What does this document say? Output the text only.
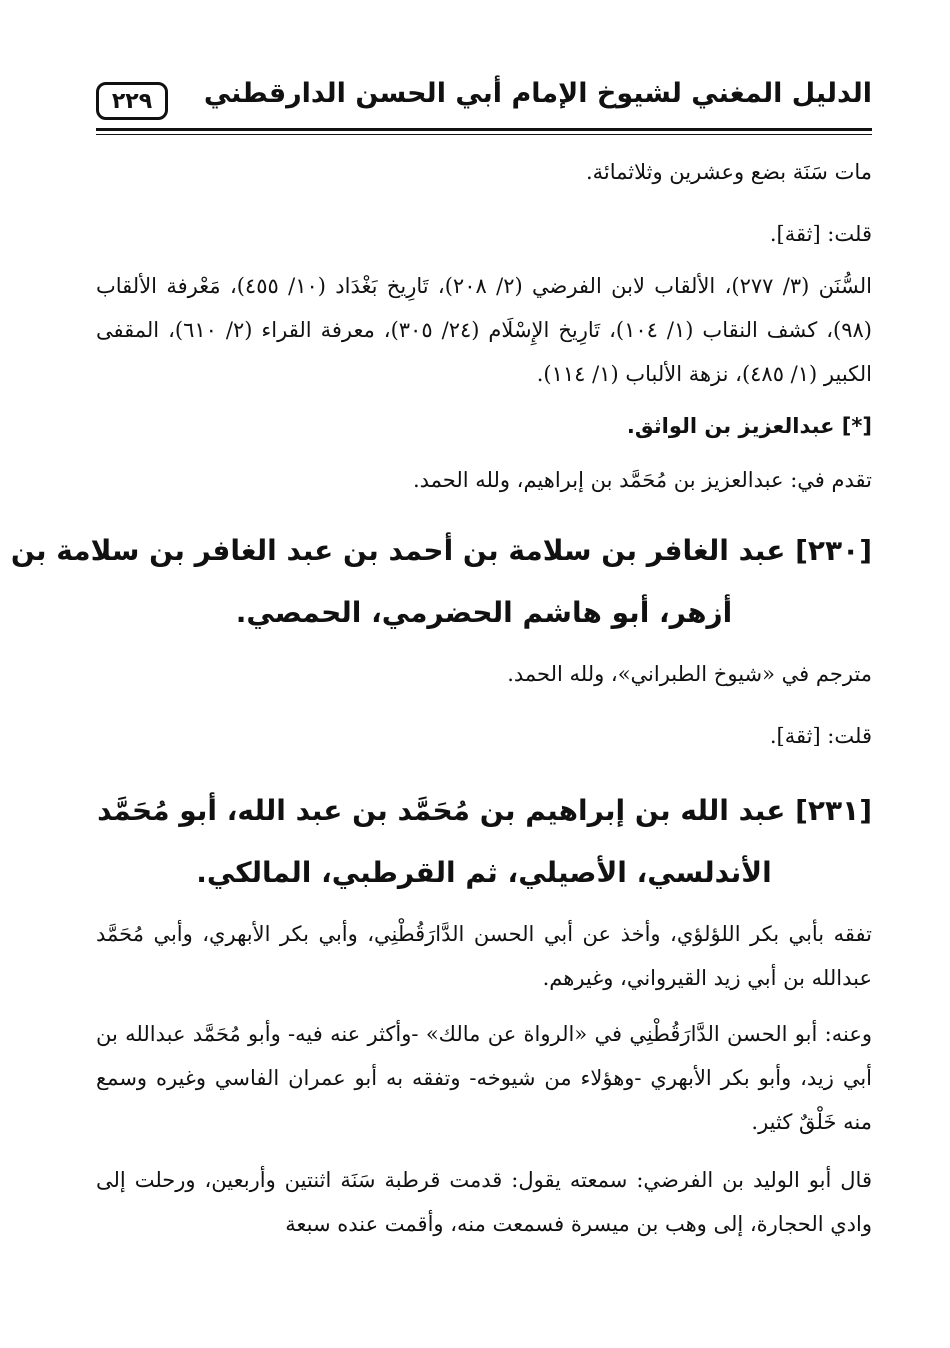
الدليل المغني لشيوخ الإمام أبي الحسن الدارقطني
٢٢٩
مات سَنَة بضع وعشرين وثلاثمائة.
قلت: [ثقة].
السُّنَن (٣/ ٢٧٧)، الألقاب لابن الفرضي (٢/ ٢٠٨)، تَارِيخ بَغْدَاد (١٠/ ٤٥٥)، مَعْرفة الألقاب (٩٨)، كشف النقاب (١/ ١٠٤)، تَارِيخ الإِسْلَام (٢٤/ ٣٠٥)، معرفة القراء (٢/ ٦١٠)، المقفى الكبير (١/ ٤٨٥)، نزهة الألباب (١/ ١١٤).
[*] عبدالعزيز بن الواثق.
تقدم في: عبدالعزيز بن مُحَمَّد بن إبراهيم، ولله الحمد.
[٢٣٠] عبد الغافر بن سلامة بن أحمد بن عبد الغافر بن سلامة بن
أزهر، أبو هاشم الحضرمي، الحمصي.
مترجم في «شيوخ الطبراني»، ولله الحمد.
قلت: [ثقة].
[٢٣١] عبد الله بن إبراهيم بن مُحَمَّد بن عبد الله، أبو مُحَمَّد
الأندلسي، الأصيلي، ثم القرطبي، المالكي.
تفقه بأبي بكر اللؤلؤي، وأخذ عن أبي الحسن الدَّارَقُطْنِي، وأبي بكر الأبهري، وأبي مُحَمَّد عبدالله بن أبي زيد القيرواني، وغيرهم.
وعنه: أبو الحسن الدَّارَقُطْنِي في «الرواة عن مالك» -وأكثر عنه فيه- وأبو مُحَمَّد عبدالله بن أبي زيد، وأبو بكر الأبهري -وهؤلاء من شيوخه- وتفقه به أبو عمران الفاسي وغيره وسمع منه خَلْقٌ كثير.
قال أبو الوليد بن الفرضي: سمعته يقول: قدمت قرطبة سَنَة اثنتين وأربعين، ورحلت إلى وادي الحجارة، إلى وهب بن ميسرة فسمعت منه، وأقمت عنده سبعة
